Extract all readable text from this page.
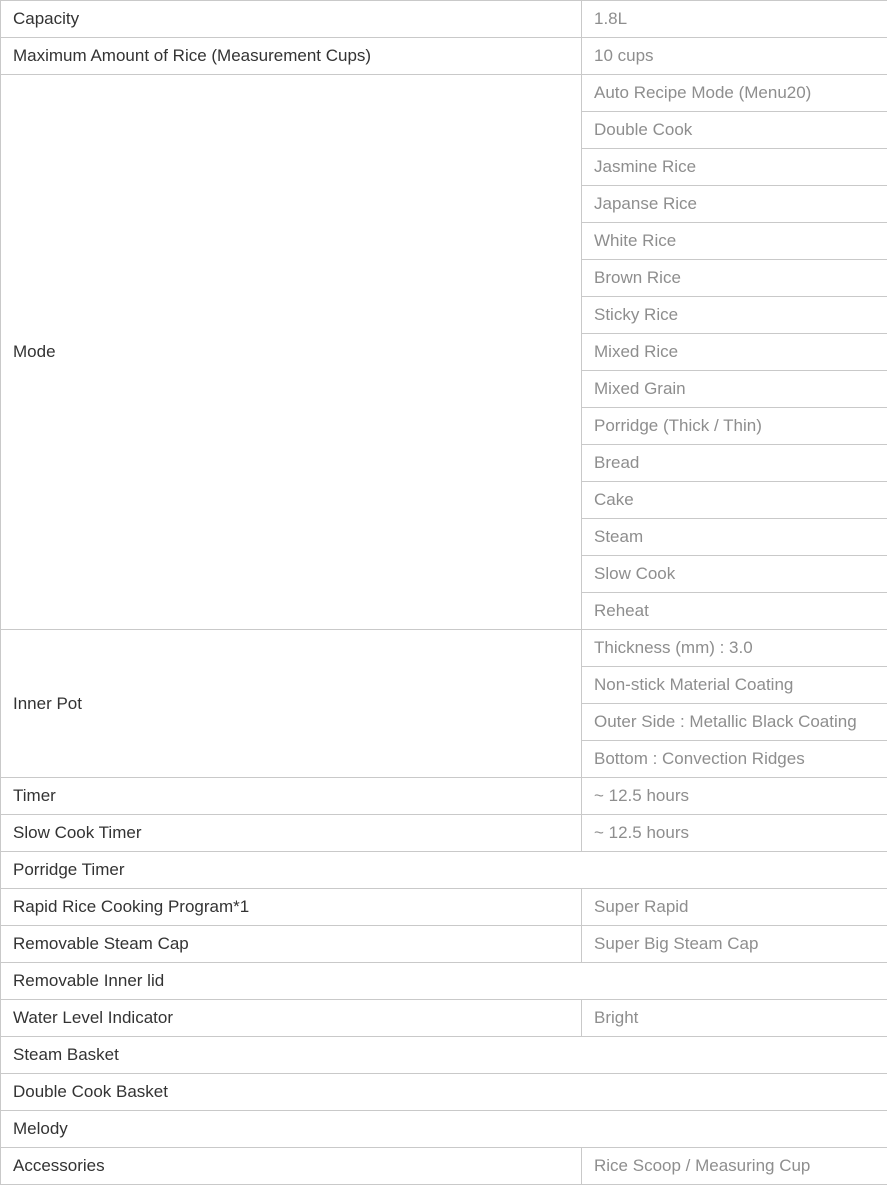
Capacity	1.8L
Maximum Amount of Rice (Measurement Cups)	10 cups
Mode	Auto Recipe Mode (Menu20)
	Double Cook
	Jasmine Rice
	Japanse Rice
	White Rice
	Brown Rice
	Sticky Rice
	Mixed Rice
	Mixed Grain
	Porridge (Thick / Thin)
	Bread
	Cake
	Steam
	Slow Cook
	Reheat
Inner Pot	Thickness (mm) : 3.0
	Non-stick Material Coating
	Outer Side : Metallic Black Coating
	Bottom : Convection Ridges
Timer	~ 12.5 hours
Slow Cook Timer	~ 12.5 hours
Porridge Timer	
Rapid Rice Cooking Program*1	Super Rapid
Removable Steam Cap	Super Big Steam Cap
Removable Inner lid	
Water Level Indicator	Bright
Steam Basket	
Double Cook Basket	
Melody	
Accessories	Rice Scoop / Measuring Cup
